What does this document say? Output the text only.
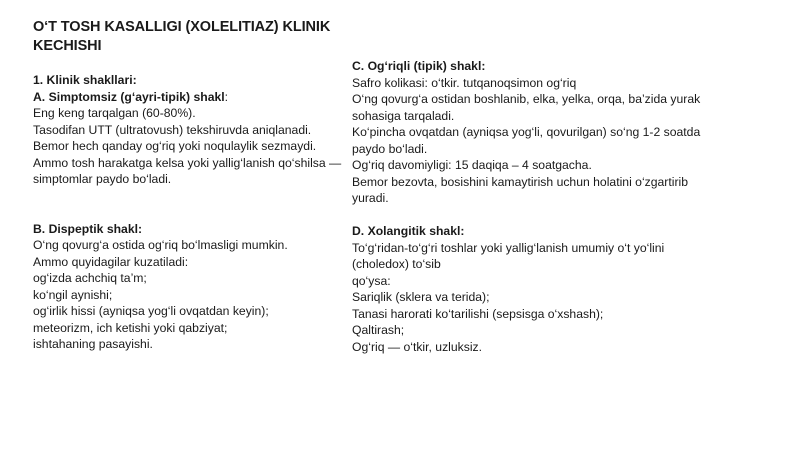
O‘T TOSH KASALLIGI (XOLELITIAZ) KLINIK KECHISHI
1. Klinik shakllari:
A. Simptomsiz (g‘ayri-tipik) shakl:
Eng keng tarqalgan (60-80%).
Tasodifan UTT (ultratovush) tekshiruvda aniqlanadi.
Bemor hech qanday og‘riq yoki noqulaylik sezmaydi.
Ammo tosh harakatga kelsa yoki yallig‘lanish qo‘shilsa — simptomlar paydo bo‘ladi.
B. Dispeptik shakl:
O‘ng qovurg‘a ostida og‘riq bo‘lmasligi mumkin.
Ammo quyidagilar kuzatiladi:
og‘izda achchiq ta’m;
ko‘ngil aynishi;
og‘irlik hissi (ayniqsa yog‘li ovqatdan keyin);
meteorizm, ich ketishi yoki qabziyat;
ishtahaning pasayishi.
C. Og‘riqli (tipik) shakl:
Safro kolikasi: o‘tkir. tutqanoqsimon og‘riq
O‘ng qovurg‘a ostidan boshlanib, elka, yelka, orqa, ba’zida yurak sohasiga tarqaladi.
Ko‘pincha ovqatdan (ayniqsa yog‘li, qovurilgan) so‘ng 1-2 soatda paydo bo‘ladi.
Og‘riq davomiyligi: 15 daqiqa – 4 soatgacha.
Bemor bezovta, bosishini kamaytirish uchun holatini o‘zgartirib yuradi.
D. Xolangitik shakl:
To‘g‘ridan-to‘g‘ri toshlar yoki yallig‘lanish umumiy o‘t yo‘lini (choledox) to‘sib
qo‘ysa:
Sariqlik (sklera va terida);
Tanasi harorati ko‘tarilishi (sepsisga o‘xshash);
Qaltirash;
Og‘riq — o‘tkir, uzluksiz.
